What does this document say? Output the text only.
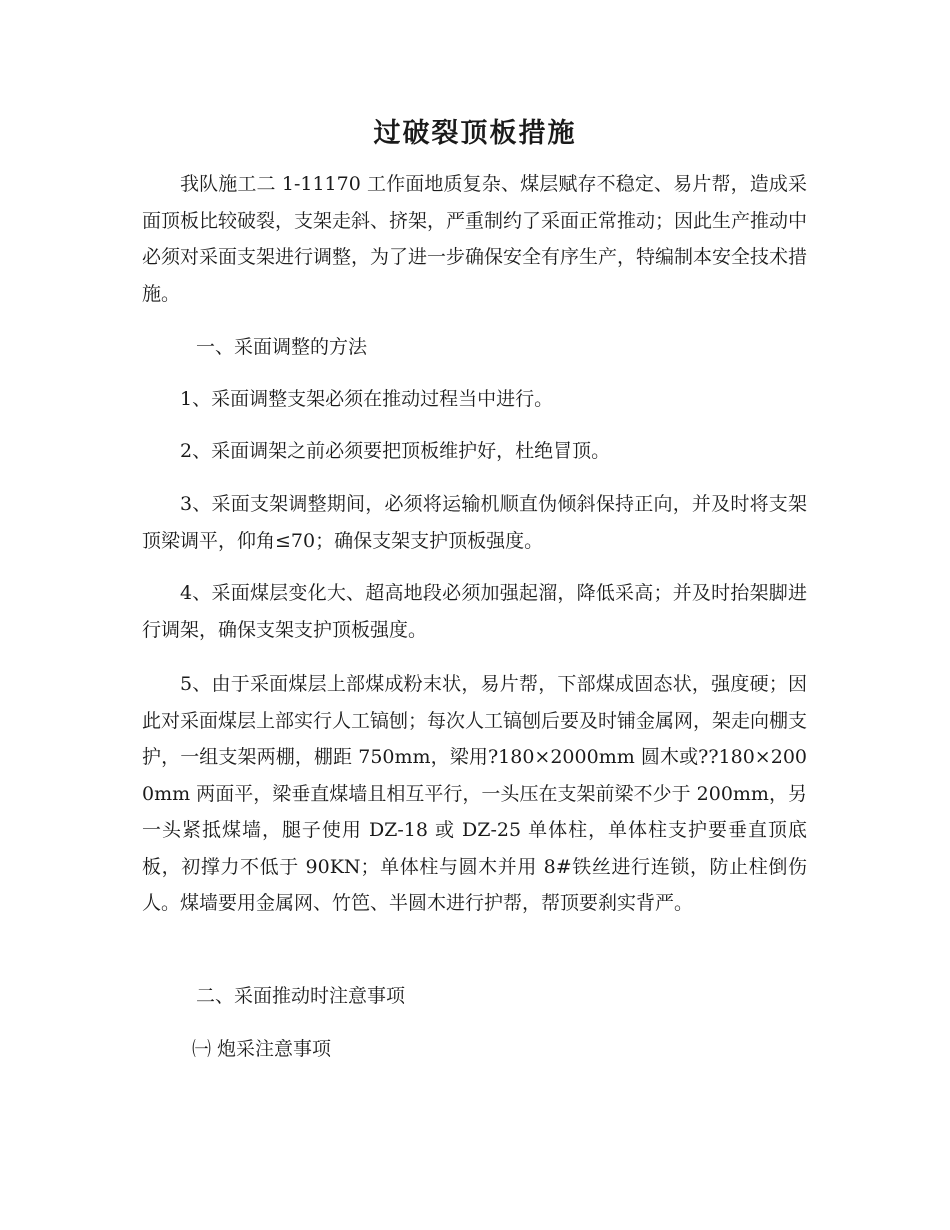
过破裂顶板措施

我队施工二 1-11170 工作面地质复杂、煤层赋存不稳定、易片帮，造成采面顶板比较破裂，支架走斜、挤架，严重制约了采面正常推动；因此生产推动中必须对采面支架进行调整，为了进一步确保安全有序生产，特编制本安全技术措施。

一、采面调整的方法

1、采面调整支架必须在推动过程当中进行。

2、采面调架之前必须要把顶板维护好，杜绝冒顶。

3、采面支架调整期间，必须将运输机顺直伪倾斜保持正向，并及时将支架顶梁调平，仰角≤70；确保支架支护顶板强度。

4、采面煤层变化大、超高地段必须加强起溜，降低采高；并及时抬架脚进行调架，确保支架支护顶板强度。

5、由于采面煤层上部煤成粉末状，易片帮，下部煤成固态状，强度硬；因此对采面煤层上部实行人工镐刨；每次人工镐刨后要及时铺金属网，架走向棚支护，一组支架两棚，棚距 750mm，梁用?180×2000mm 圆木或??180×2000mm 两面平，梁垂直煤墙且相互平行，一头压在支架前梁不少于 200mm，另一头紧抵煤墙，腿子使用 DZ-18 或 DZ-25 单体柱，单体柱支护要垂直顶底板，初撑力不低于 90KN；单体柱与圆木并用 8#铁丝进行连锁，防止柱倒伤人。煤墙要用金属网、竹笆、半圆木进行护帮，帮顶要刹实背严。

二、采面推动时注意事项

㈠ 炮采注意事项
